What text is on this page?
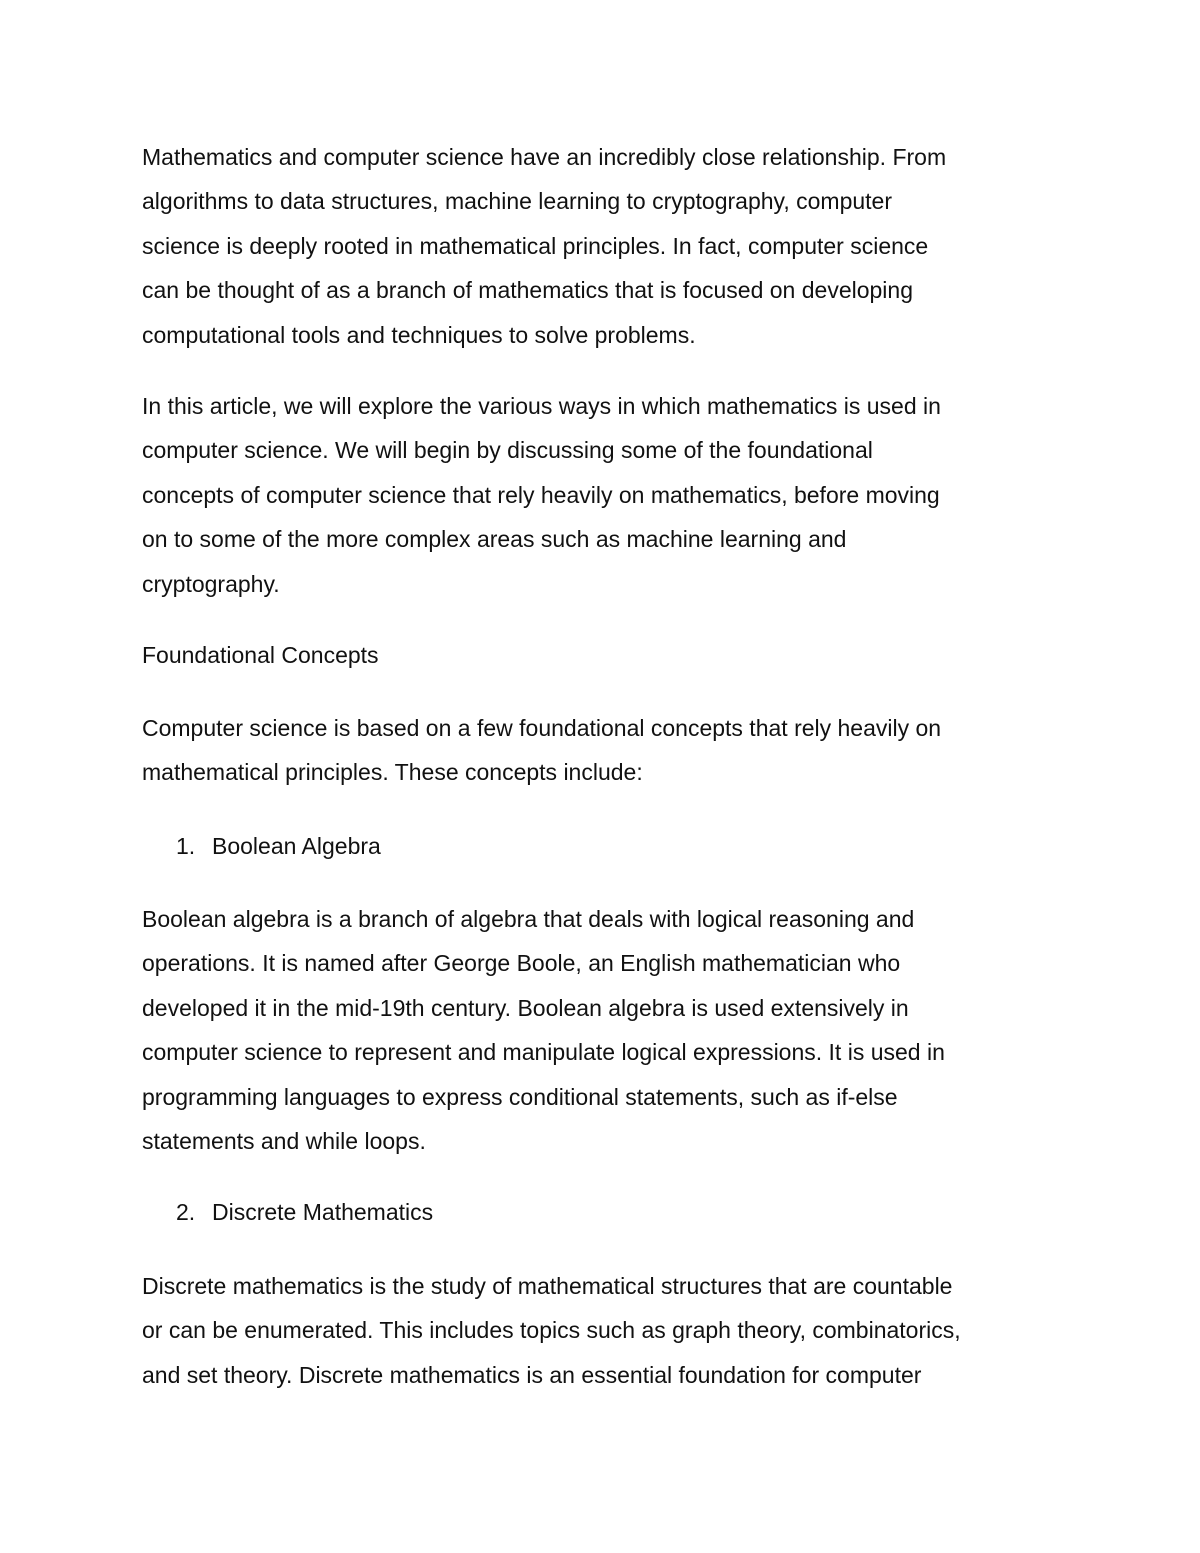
Mathematics and computer science have an incredibly close relationship. From
algorithms to data structures, machine learning to cryptography, computer
science is deeply rooted in mathematical principles. In fact, computer science
can be thought of as a branch of mathematics that is focused on developing
computational tools and techniques to solve problems.
In this article, we will explore the various ways in which mathematics is used in
computer science. We will begin by discussing some of the foundational
concepts of computer science that rely heavily on mathematics, before moving
on to some of the more complex areas such as machine learning and
cryptography.
Foundational Concepts
Computer science is based on a few foundational concepts that rely heavily on
mathematical principles. These concepts include:
1. Boolean Algebra
Boolean algebra is a branch of algebra that deals with logical reasoning and
operations. It is named after George Boole, an English mathematician who
developed it in the mid-19th century. Boolean algebra is used extensively in
computer science to represent and manipulate logical expressions. It is used in
programming languages to express conditional statements, such as if-else
statements and while loops.
2. Discrete Mathematics
Discrete mathematics is the study of mathematical structures that are countable
or can be enumerated. This includes topics such as graph theory, combinatorics,
and set theory. Discrete mathematics is an essential foundation for computer
